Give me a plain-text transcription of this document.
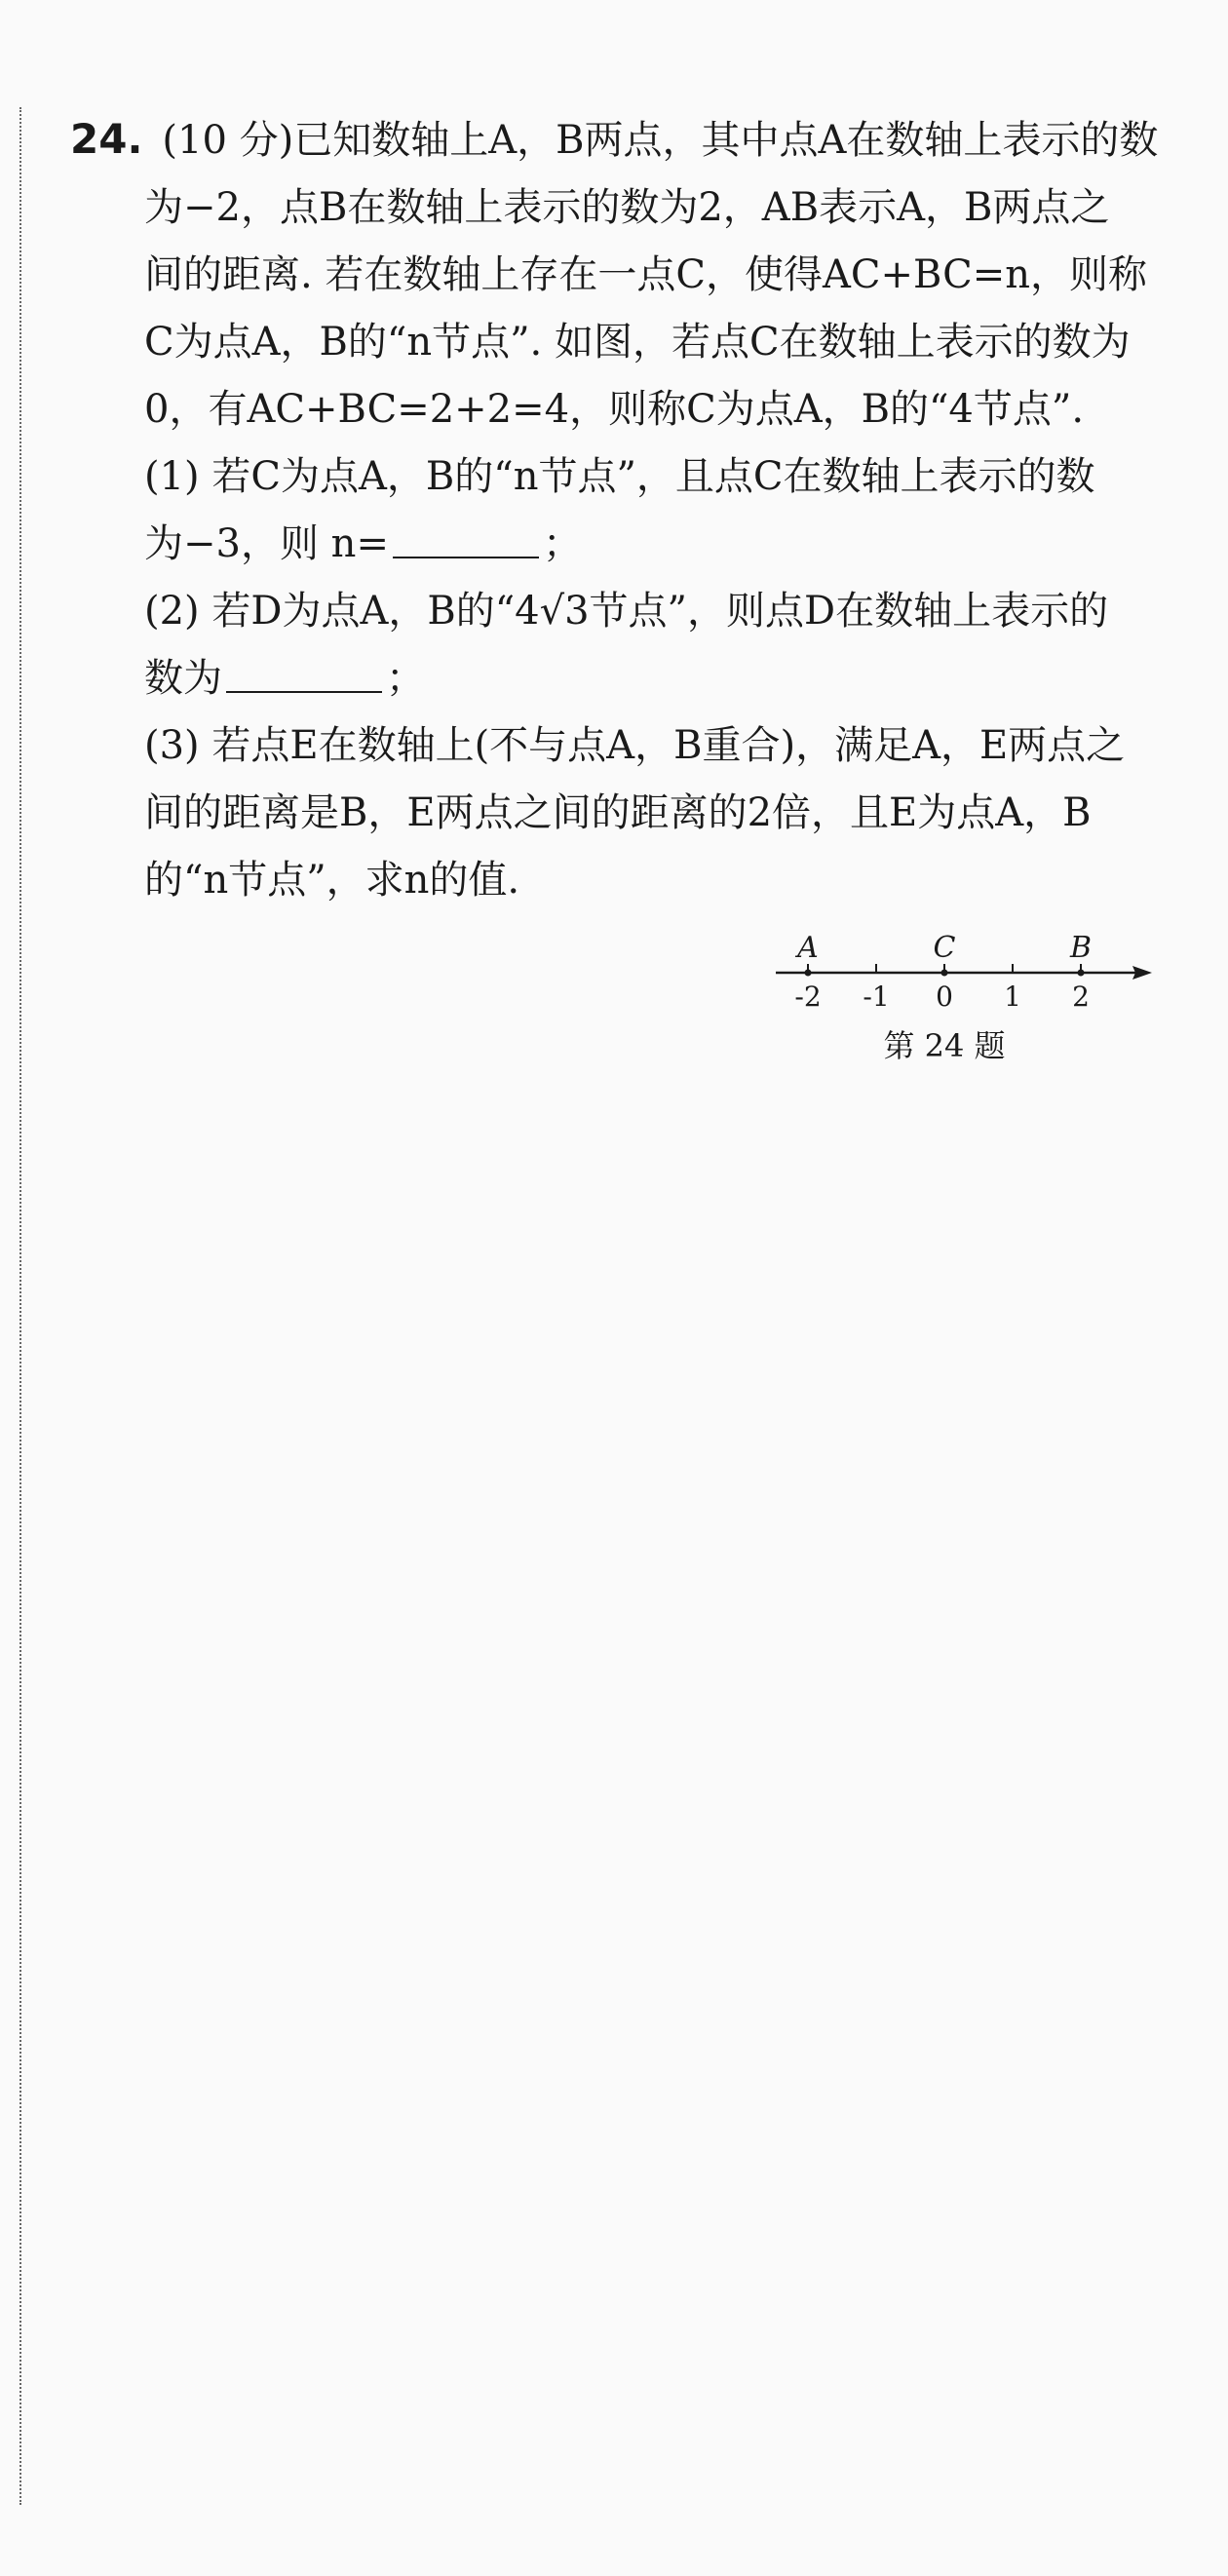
24. (10 分)已知数轴上A，B两点，其中点A在数轴上表示的数
为−2，点B在数轴上表示的数为2，AB表示A，B两点之
间的距离. 若在数轴上存在一点C，使得AC+BC=n，则称
C为点A，B的“n节点”. 如图，若点C在数轴上表示的数为
0，有AC+BC=2+2=4，则称C为点A，B的“4节点”.
(1) 若C为点A，B的“n节点”，且点C在数轴上表示的数
为−3，则 n=	；
(2) 若D为点A，B的“4√3节点”，则点D在数轴上表示的
数为	；
(3) 若点E在数轴上(不与点A，B重合)，满足A，E两点之
间的距离是B，E两点之间的距离的2倍，且E为点A，B
的“n节点”，求n的值.
-2 -1 0 1 2
A	C	B
第 24 题
